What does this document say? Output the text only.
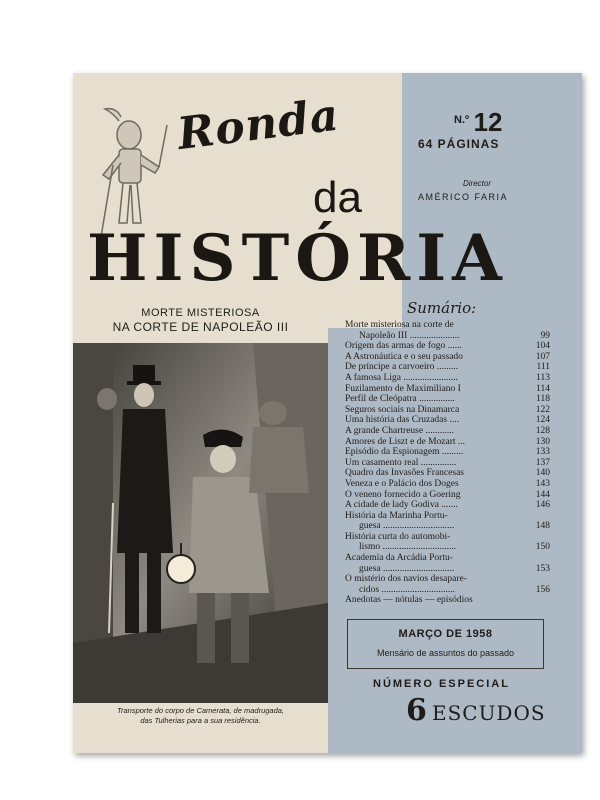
Ronda
da
HISTÓRIA
$^{N.º}$ 12
64 PÁGINAS
Director
AMÉRICO FARIA
MORTE MISTERIOSA
NA CORTE DE NAPOLEÃO III
Transporte do corpo de Camerata, de madrugada,
das Tulherias para a sua residência.
Sumário:
Morte misteriosa na corte de
Napoleão III .....................	99
Origem das armas de fogo ......	104
A Astronáutica e o seu passado	107
De príncipe a carvoeiro .........	111
A famosa Liga .......................	113
Fuzilamento de Maximiliano I	114
Perfil de Cleópatra ...............	118
Seguros sociais na Dinamarca	122
Uma história das Cruzadas ....	124
A grande Chartreuse ............	128
Amores de Liszt e de Mozart ...	130
Episódio da Espionagem .........	133
Um casamento real ...............	137
Quadro das Invasões Francesas	140
Veneza e o Palácio dos Doges	143
O veneno fornecido a Goering	144
A cidade de lady Godiva .......	146
História da Marinha Portu-
guesa ..............................	148
História curta do automobi-
lismo ...............................	150
Academia da Arcádia Portu-
guesa ..............................	153
O mistério dos navios desapare-
cidos ...............................	156
Anedotas — nótulas — episódios
MARÇO DE 1958
Mensário de assuntos do passado
NÚMERO ESPECIAL
6 ESCUDOS
